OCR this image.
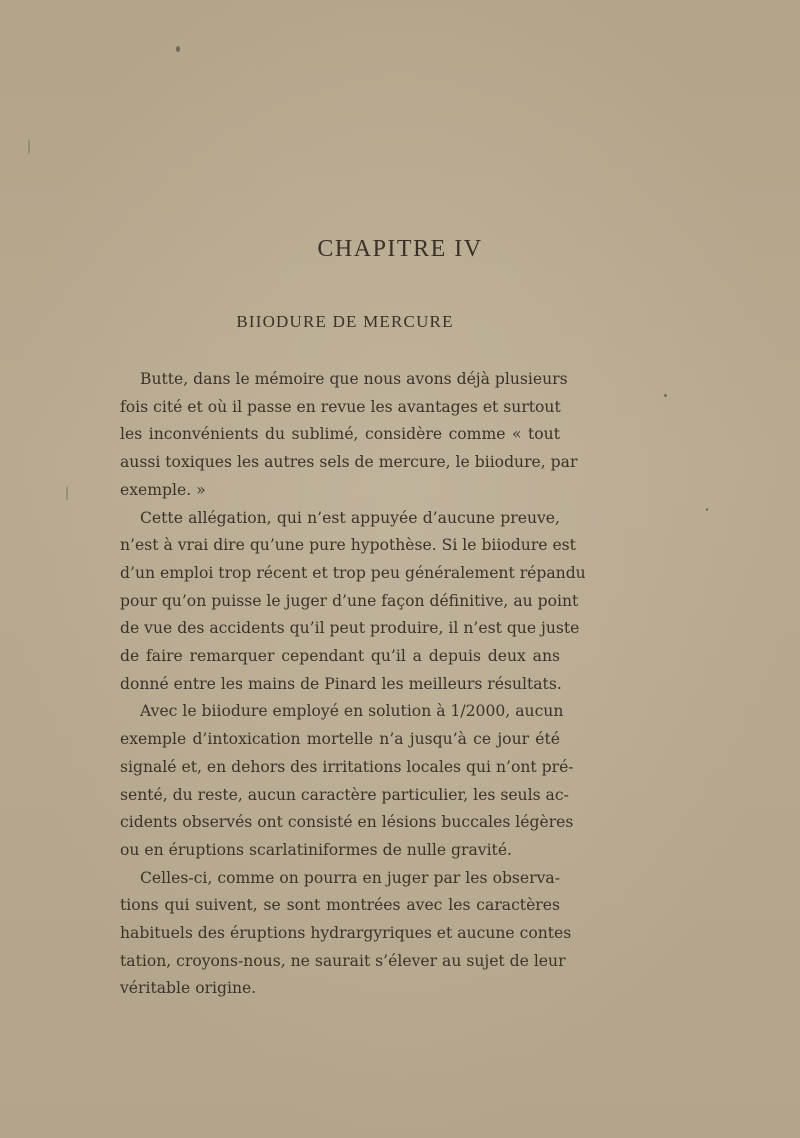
CHAPITRE IV
BIIODURE DE MERCURE
Butte, dans le mémoire que nous avons déjà plusieurs
fois cité et où il passe en revue les avantages et surtout
les inconvénients du sublimé, considère comme « tout
aussi toxiques les autres sels de mercure, le biiodure, par
exemple. »
Cette allégation, qui n’est appuyée d’aucune preuve,
n’est à vrai dire qu’une pure hypothèse. Si le biiodure est
d’un emploi trop récent et trop peu généralement répandu
pour qu’on puisse le juger d’une façon définitive, au point
de vue des accidents qu’il peut produire, il n’est que juste
de faire remarquer cependant qu’il a depuis deux ans
donné entre les mains de Pinard les meilleurs résultats.
Avec le biiodure employé en solution à 1/2000, aucun
exemple d’intoxication mortelle n’a jusqu’à ce jour été
signalé et, en dehors des irritations locales qui n’ont pré-
senté, du reste, aucun caractère particulier, les seuls ac-
cidents observés ont consisté en lésions buccales légères
ou en éruptions scarlatiniformes de nulle gravité.
Celles-ci, comme on pourra en juger par les observa-
tions qui suivent, se sont montrées avec les caractères
habituels des éruptions hydrargyriques et aucune contes
tation, croyons-nous, ne saurait s’élever au sujet de leur
véritable origine.
